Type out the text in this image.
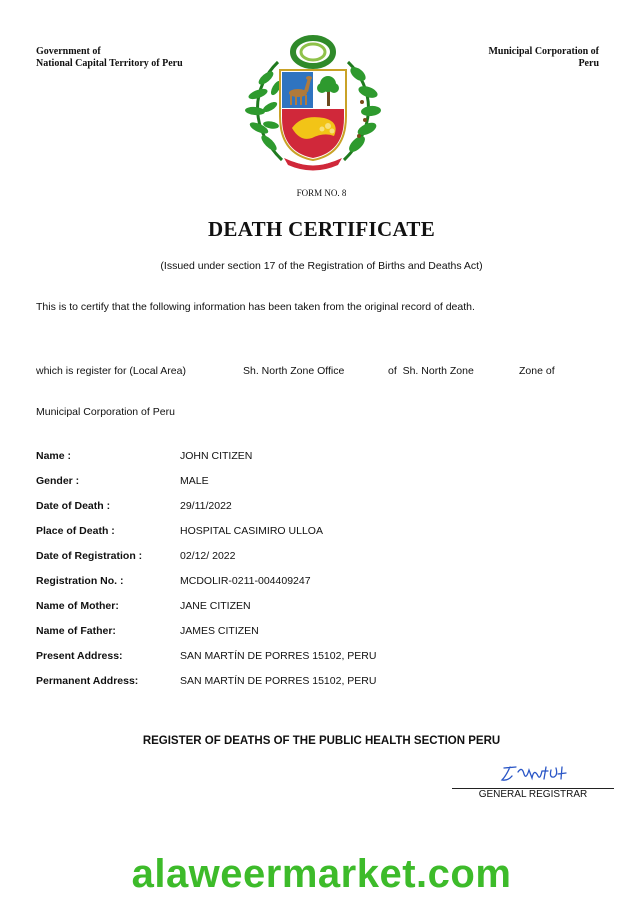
Government of
National Capital Territory of Peru
Municipal Corporation of
Peru
FORM NO. 8
DEATH CERTIFICATE
(Issued under section 17 of the Registration of Births and Deaths Act)
This is to certify that the following information has been taken from the original record of death.
which is register for (Local Area)	Sh. North Zone Office	of  Sh. North Zone	Zone of
Municipal Corporation of Peru
Name :	JOHN CITIZEN
Gender :	MALE
Date of Death :	29/11/2022
Place of Death :	HOSPITAL CASIMIRO ULLOA
Date of Registration :	02/12/ 2022
Registration No. :	MCDOLIR-0211-004409247
Name of Mother:	JANE CITIZEN
Name of Father:	JAMES CITIZEN
Present Address:	SAN MARTÍN DE PORRES 15102, PERU
Permanent Address:	SAN MARTÍN DE PORRES 15102, PERU
REGISTER OF DEATHS OF THE PUBLIC HEALTH SECTION PERU
GENERAL REGISTRAR
alaweermarket.com
